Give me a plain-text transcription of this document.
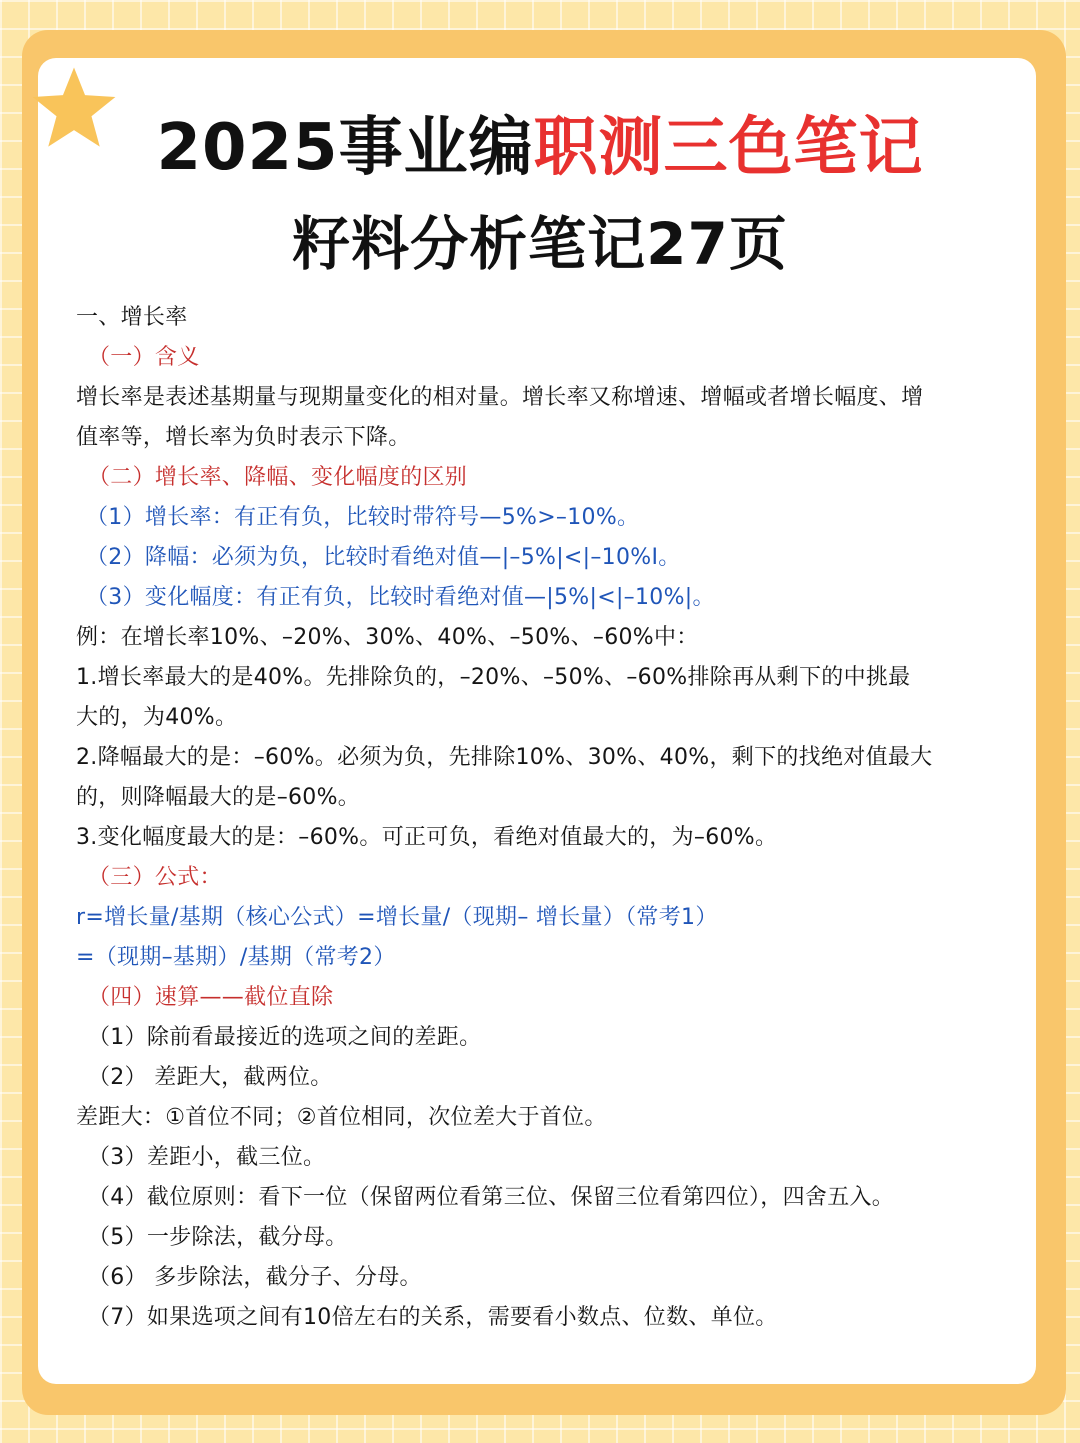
2025事业编职测三色笔记
籽料分析笔记27页
一、增长率
（一）含义
增长率是表述基期量与现期量变化的相对量。增长率又称增速、增幅或者增长幅度、增
值率等，增长率为负时表示下降。
（二）增长率、降幅、变化幅度的区别
（1）增长率：有正有负，比较时带符号—5%>–10%。
（2）降幅：必须为负，比较时看绝对值—|–5%|<|–10%I。
（3）变化幅度：有正有负，比较时看绝对值—|5%|<|–10%|。
例：在增长率10%、–20%、30%、40%、–50%、–60%中：
1.增长率最大的是40%。先排除负的，–20%、–50%、–60%排除再从剩下的中挑最
大的，为40%。
2.降幅最大的是：–60%。必须为负，先排除10%、30%、40%，剩下的找绝对值最大
的，则降幅最大的是–60%。
3.变化幅度最大的是：–60%。可正可负，看绝对值最大的，为–60%。
（三）公式：
r=增长量/基期（核心公式）=增长量/（现期– 增长量）（常考1）
=（现期–基期）/基期（常考2）
（四）速算——截位直除
（1）除前看最接近的选项之间的差距。
（2） 差距大，截两位。
差距大：①首位不同；②首位相同，次位差大于首位。
（3）差距小，截三位。
（4）截位原则：看下一位（保留两位看第三位、保留三位看第四位），四舍五入。
（5）一步除法，截分母。
（6） 多步除法，截分子、分母。
（7）如果选项之间有10倍左右的关系，需要看小数点、位数、单位。
